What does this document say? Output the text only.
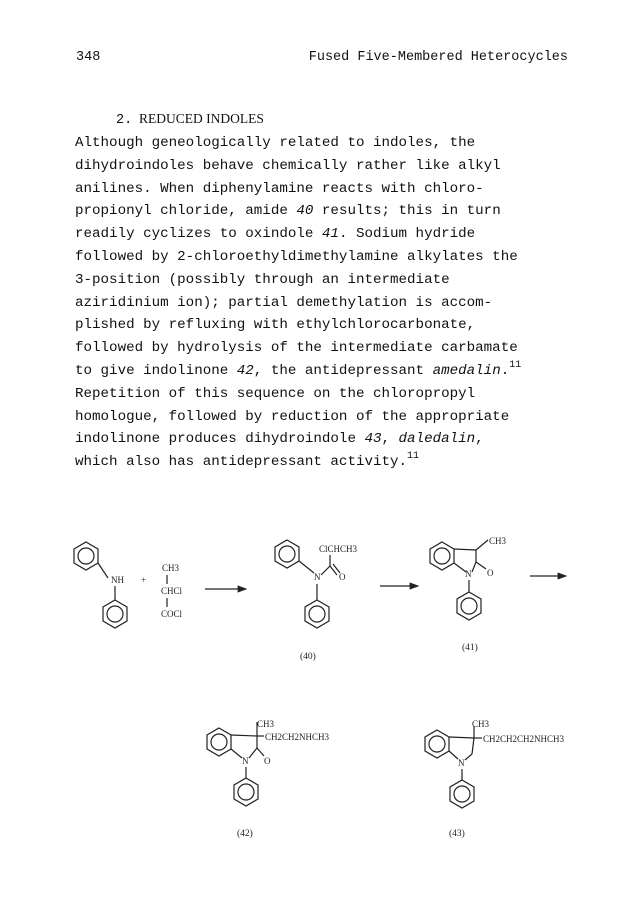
348	Fused Five-Membered Heterocycles
2. REDUCED INDOLES
Although geneologically related to indoles, the
dihydroindoles behave chemically rather like alkyl
anilines. When diphenylamine reacts with chloro-
propionyl chloride, amide 40 results; this in turn
readily cyclizes to oxindole 41. Sodium hydride
followed by 2-chloroethyldimethylamine alkylates the
3-position (possibly through an intermediate
aziridinium ion); partial demethylation is accom-
plished by refluxing with ethylchlorocarbonate,
followed by hydrolysis of the intermediate carbamate
to give indolinone 42, the antidepressant amedalin.$^{11}$
Repetition of this sequence on the chloropropyl
homologue, followed by reduction of the appropriate
indolinone produces dihydroindole 43, daledalin,
which also has antidepressant activity.$^{11}$
NH +
CH3
CHCl
COCl
N
ClCHCH3
O
(40)
CH3
N O
(41)
CH3
CH2CH2NHCH3
N O
(42)
CH3
CH2CH2CH2NHCH3
N
(43)
